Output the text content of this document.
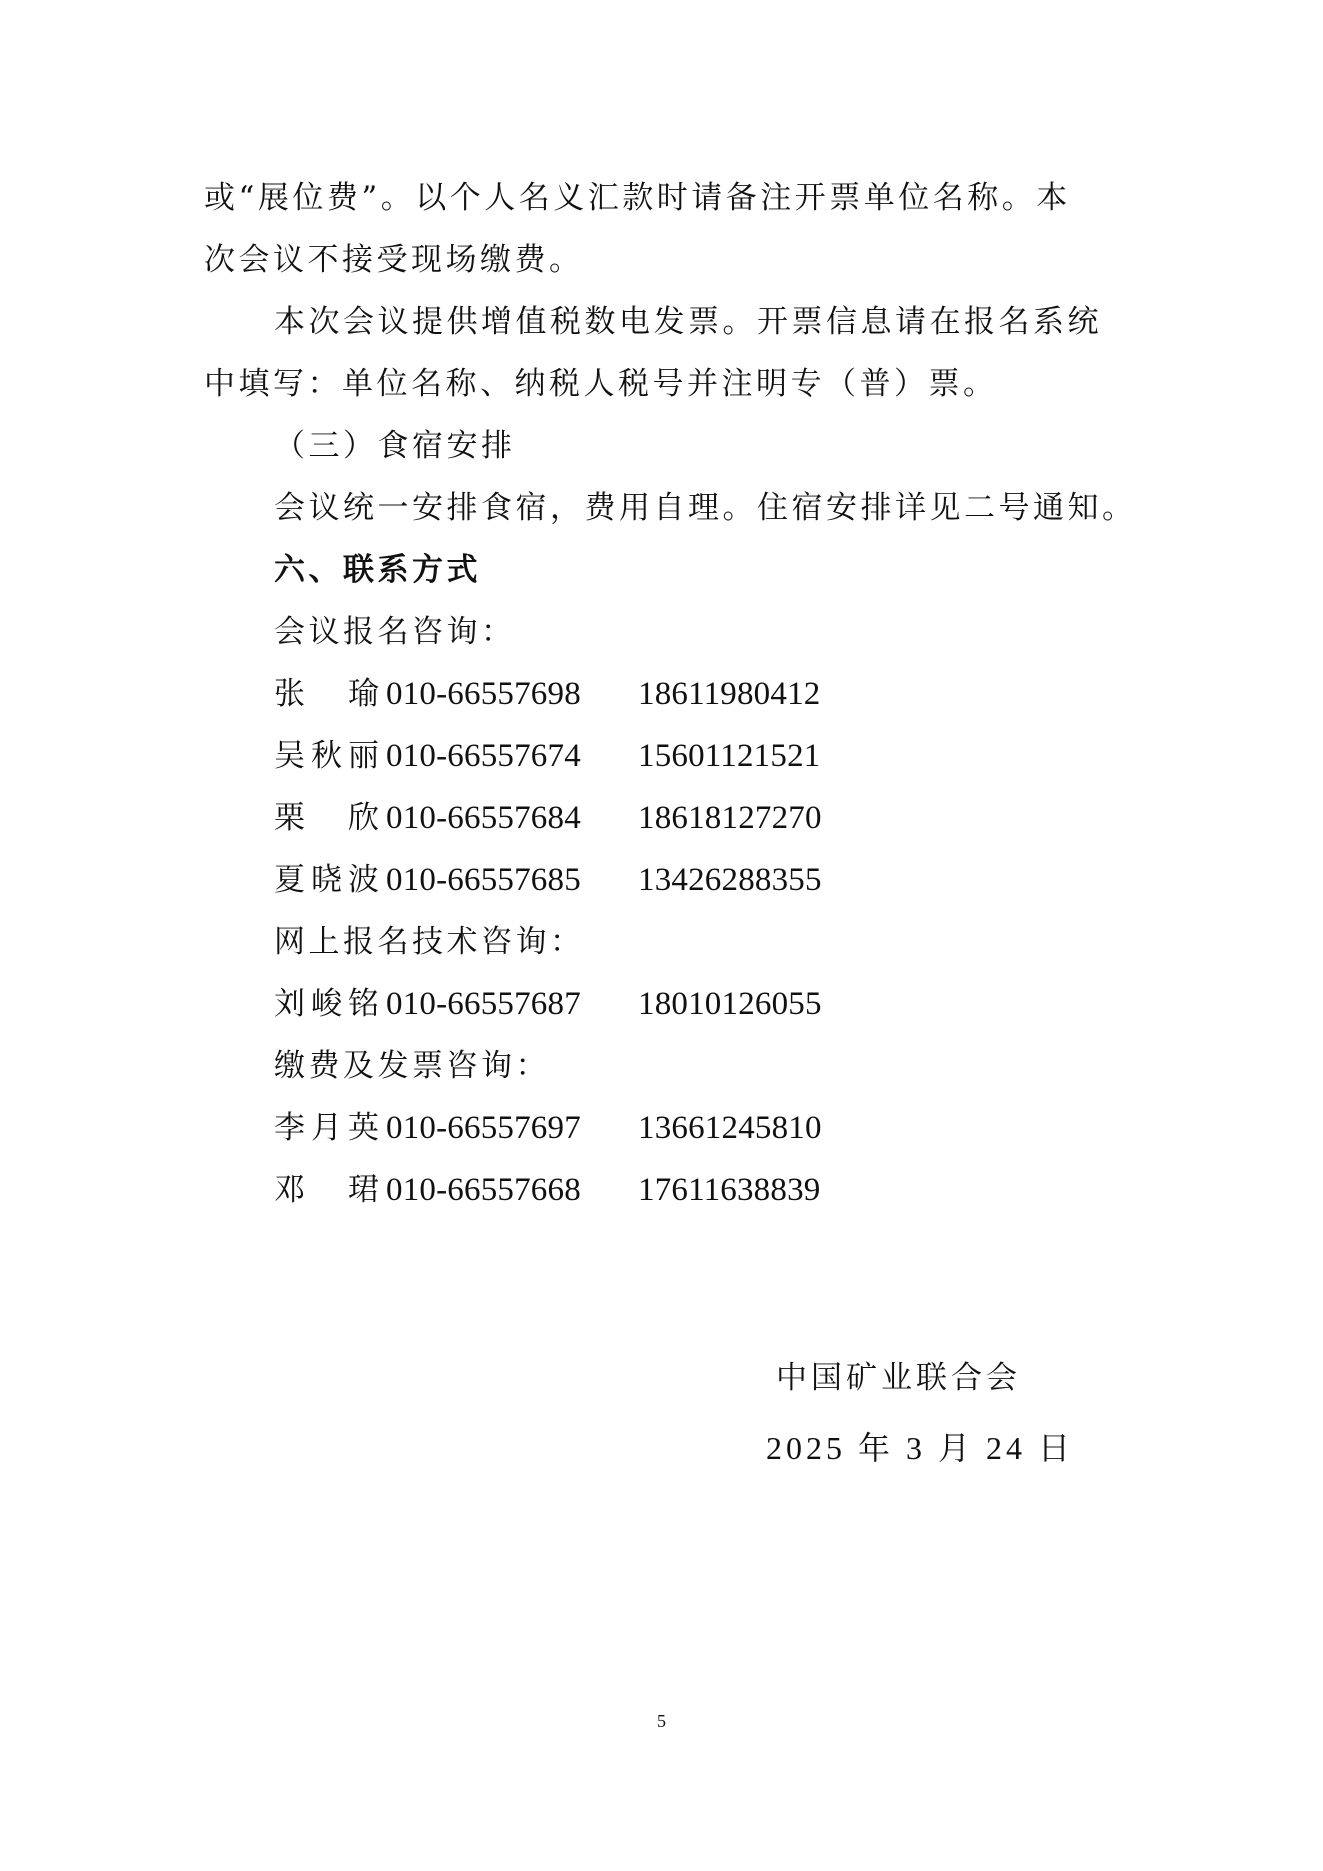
或“展位费”。以个人名义汇款时请备注开票单位名称。本
次会议不接受现场缴费。
本次会议提供增值税数电发票。开票信息请在报名系统
中填写：单位名称、纳税人税号并注明专（普）票。
（三）食宿安排
会议统一安排食宿，费用自理。住宿安排详见二号通知。
六、联系方式
会议报名咨询：
张 瑜 010-66557698 18611980412
吴 秋 丽 010-66557674 15601121521
栗 欣 010-66557684 18618127270
夏 晓 波 010-66557685 13426288355
网上报名技术咨询：
刘 峻 铭 010-66557687 18010126055
缴费及发票咨询：
李 月 英 010-66557697 13661245810
邓 珺 010-66557668 17611638839
中国矿业联合会
2025 年 3 月 24 日
5
